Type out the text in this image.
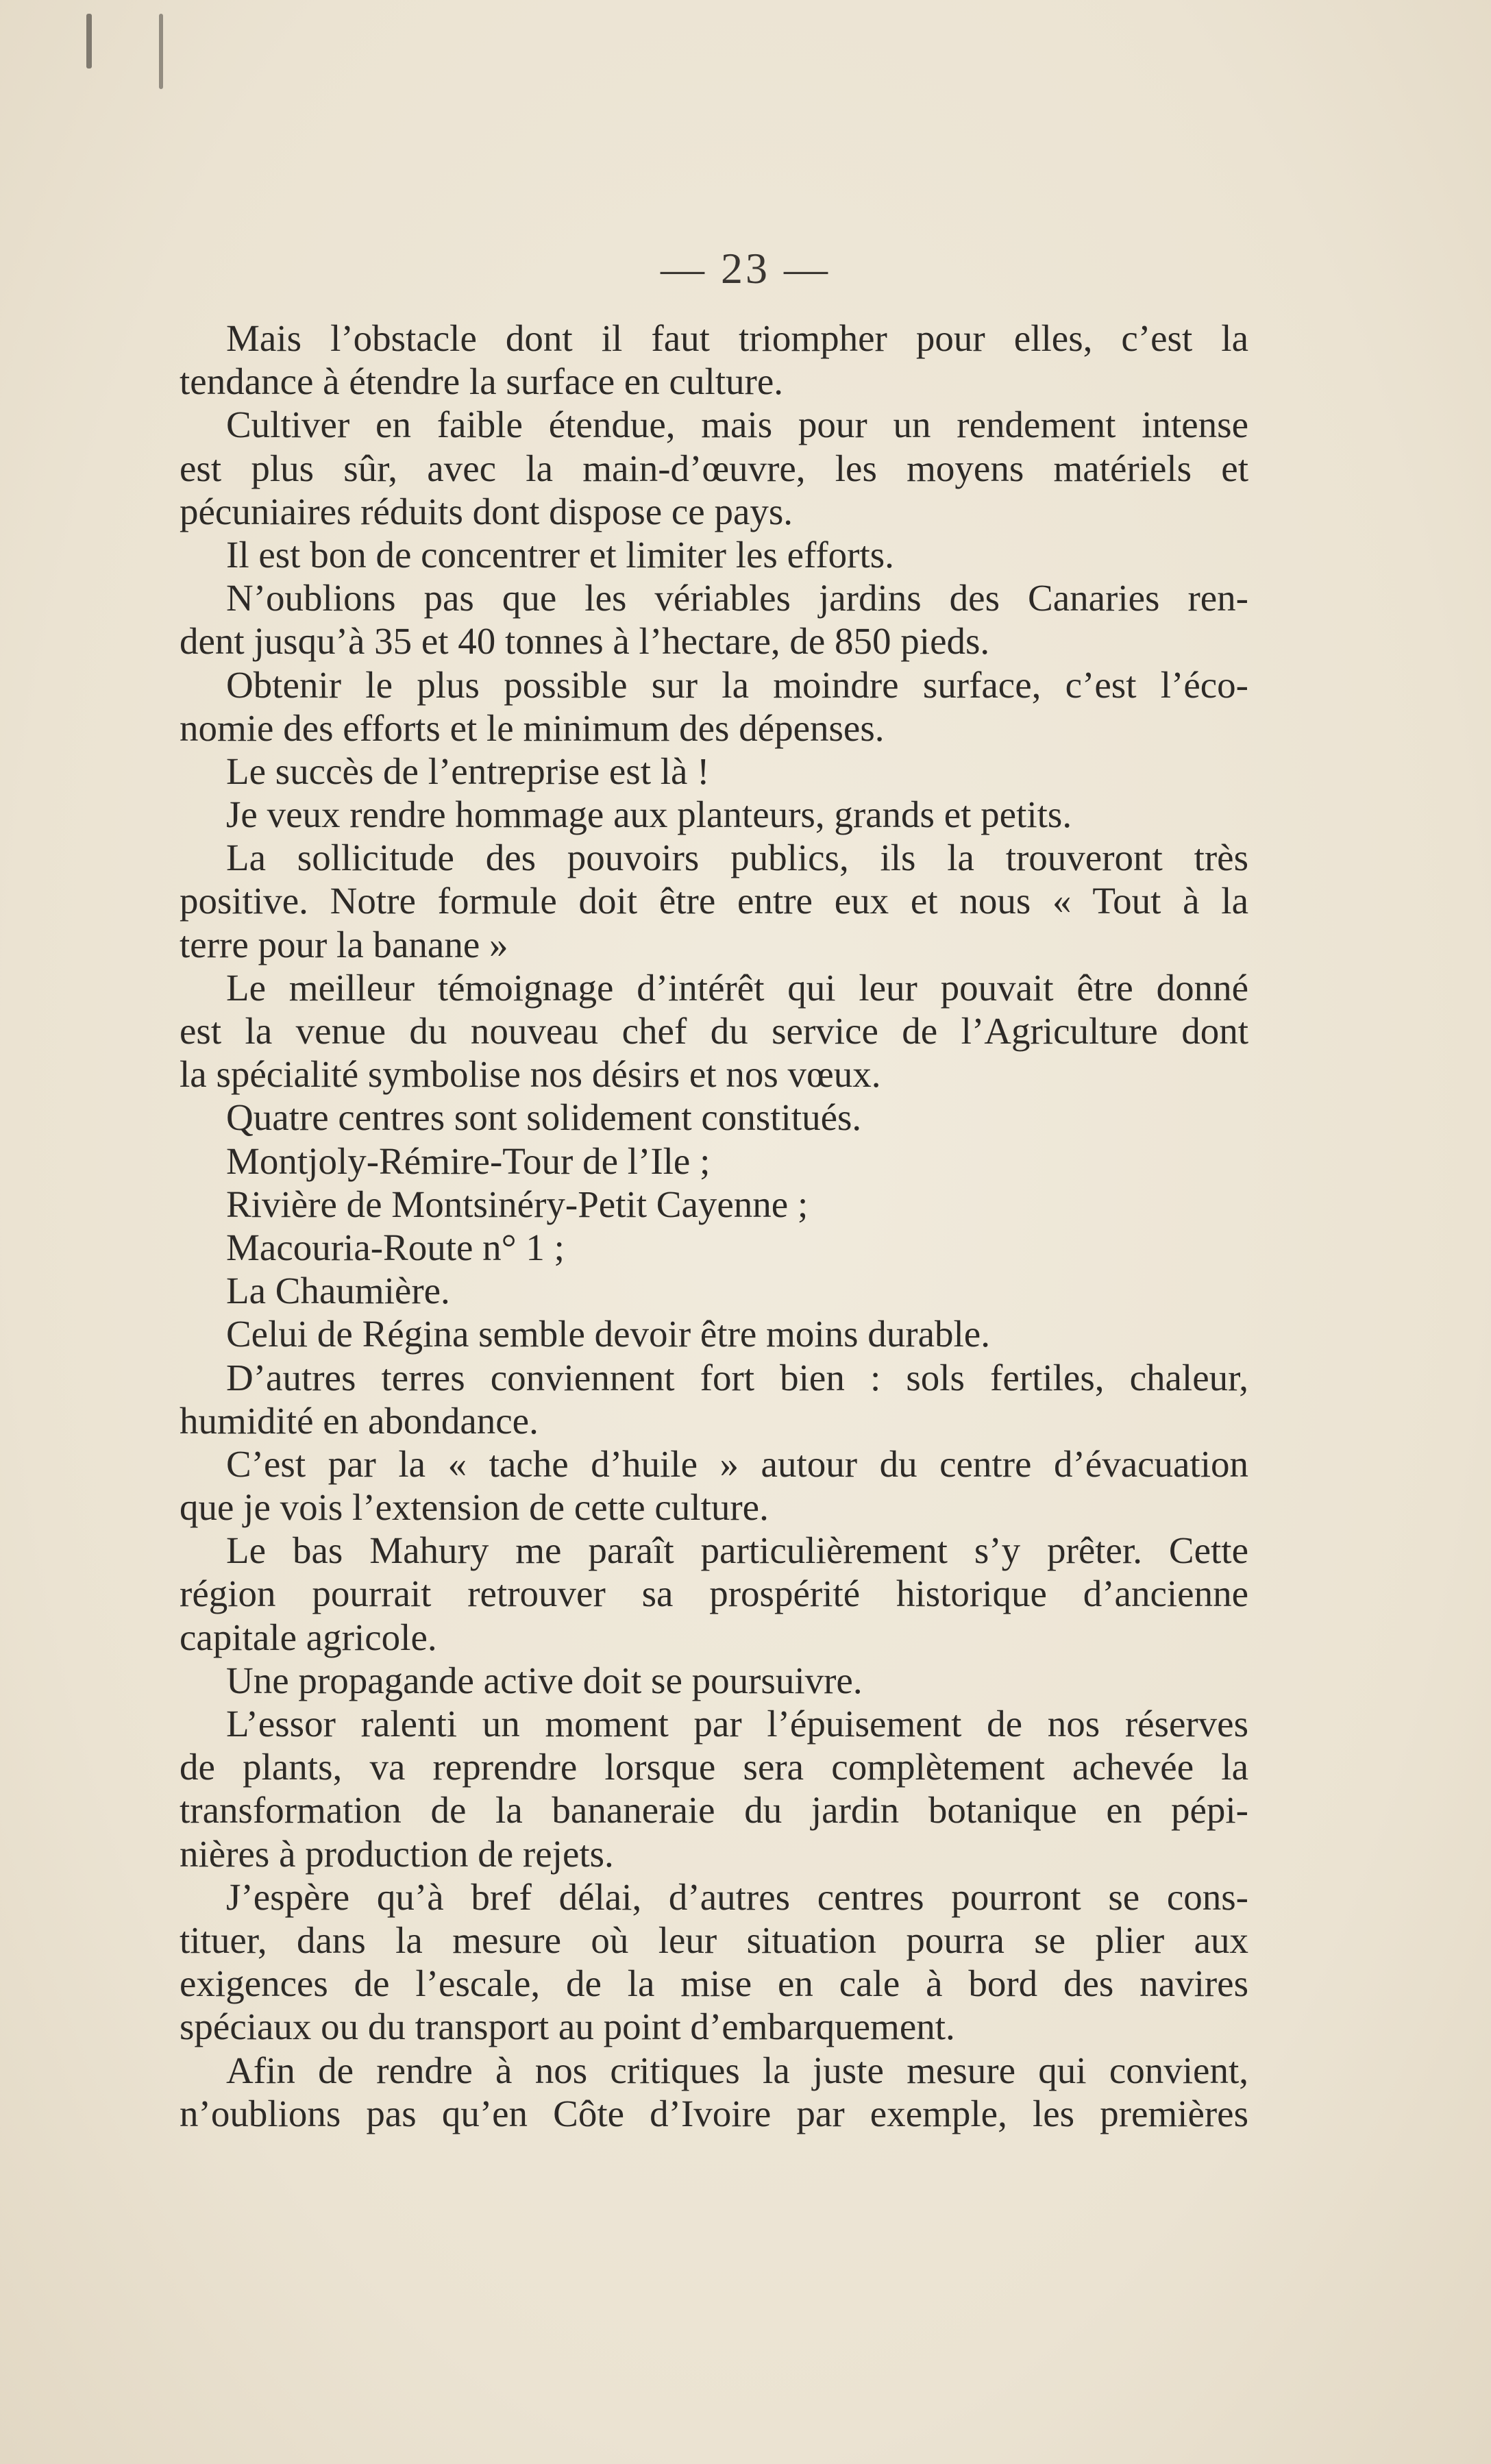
— 23 —
Mais l’obstacle dont il faut triompher pour elles, c’est la
tendance à étendre la surface en culture.
Cultiver en faible étendue, mais pour un rendement intense
est plus sûr, avec la main-d’œuvre, les moyens matériels et
pécuniaires réduits dont dispose ce pays.
Il est bon de concentrer et limiter les efforts.
N’oublions pas que les vériables jardins des Canaries ren-
dent jusqu’à 35 et 40 tonnes à l’hectare, de 850 pieds.
Obtenir le plus possible sur la moindre surface, c’est l’éco-
nomie des efforts et le minimum des dépenses.
Le succès de l’entreprise est là !
Je veux rendre hommage aux planteurs, grands et petits.
La sollicitude des pouvoirs publics, ils la trouveront très
positive. Notre formule doit être entre eux et nous « Tout à la
terre pour la banane »
Le meilleur témoignage d’intérêt qui leur pouvait être donné
est la venue du nouveau chef du service de l’Agriculture dont
la spécialité symbolise nos désirs et nos vœux.
Quatre centres sont solidement constitués.
Montjoly-Rémire-Tour de l’Ile ;
Rivière de Montsinéry-Petit Cayenne ;
Macouria-Route n° 1 ;
La Chaumière.
Celui de Régina semble devoir être moins durable.
D’autres terres conviennent fort bien : sols fertiles, chaleur,
humidité en abondance.
C’est par la « tache d’huile » autour du centre d’évacuation
que je vois l’extension de cette culture.
Le bas Mahury me paraît particulièrement s’y prêter. Cette
région pourrait retrouver sa prospérité historique d’ancienne
capitale agricole.
Une propagande active doit se poursuivre.
L’essor ralenti un moment par l’épuisement de nos réserves
de plants, va reprendre lorsque sera complètement achevée la
transformation de la bananeraie du jardin botanique en pépi-
nières à production de rejets.
J’espère qu’à bref délai, d’autres centres pourront se cons-
tituer, dans la mesure où leur situation pourra se plier aux
exigences de l’escale, de la mise en cale à bord des navires
spéciaux ou du transport au point d’embarquement.
Afin de rendre à nos critiques la juste mesure qui convient,
n’oublions pas qu’en Côte d’Ivoire par exemple, les premières
